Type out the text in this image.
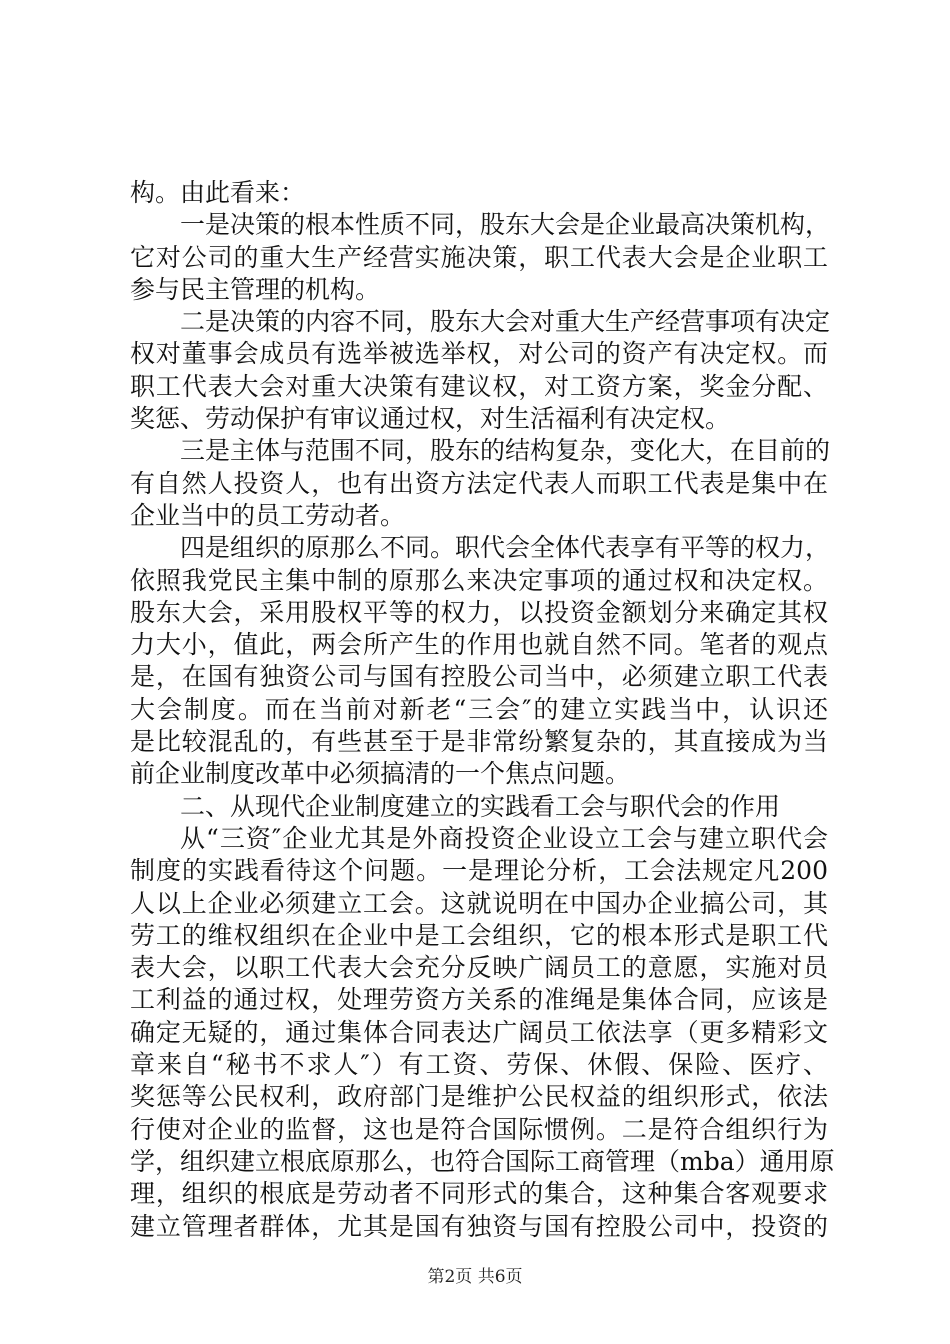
构。由此看来：
一是决策的根本性质不同，股东大会是企业最高决策机构，
它对公司的重大生产经营实施决策，职工代表大会是企业职工
参与民主管理的机构。
二是决策的内容不同，股东大会对重大生产经营事项有决定
权对董事会成员有选举被选举权，对公司的资产有决定权。而
职工代表大会对重大决策有建议权，对工资方案，奖金分配、
奖惩、劳动保护有审议通过权，对生活福利有决定权。
三是主体与范围不同，股东的结构复杂，变化大，在目前的
有自然人投资人，也有出资方法定代表人而职工代表是集中在
企业当中的员工劳动者。
四是组织的原那么不同。职代会全体代表享有平等的权力，
依照我党民主集中制的原那么来决定事项的通过权和决定权。
股东大会，采用股权平等的权力，以投资金额划分来确定其权
力大小，值此，两会所产生的作用也就自然不同。笔者的观点
是，在国有独资公司与国有控股公司当中，必须建立职工代表
大会制度。而在当前对新老“三会″的建立实践当中，认识还
是比较混乱的，有些甚至于是非常纷繁复杂的，其直接成为当
前企业制度改革中必须搞清的一个焦点问题。
二、从现代企业制度建立的实践看工会与职代会的作用
从“三资″企业尤其是外商投资企业设立工会与建立职代会
制度的实践看待这个问题。一是理论分析，工会法规定凡200
人以上企业必须建立工会。这就说明在中国办企业搞公司，其
劳工的维权组织在企业中是工会组织，它的根本形式是职工代
表大会，以职工代表大会充分反映广阔员工的意愿，实施对员
工利益的通过权，处理劳资方关系的准绳是集体合同，应该是
确定无疑的，通过集体合同表达广阔员工依法享（更多精彩文
章来自“秘书不求人″）有工资、劳保、休假、保险、医疗、
奖惩等公民权利，政府部门是维护公民权益的组织形式，依法
行使对企业的监督，这也是符合国际惯例。二是符合组织行为
学，组织建立根底原那么，也符合国际工商管理（mba）通用原
理，组织的根底是劳动者不同形式的集合，这种集合客观要求
建立管理者群体，尤其是国有独资与国有控股公司中，投资的
第2页 共6页
